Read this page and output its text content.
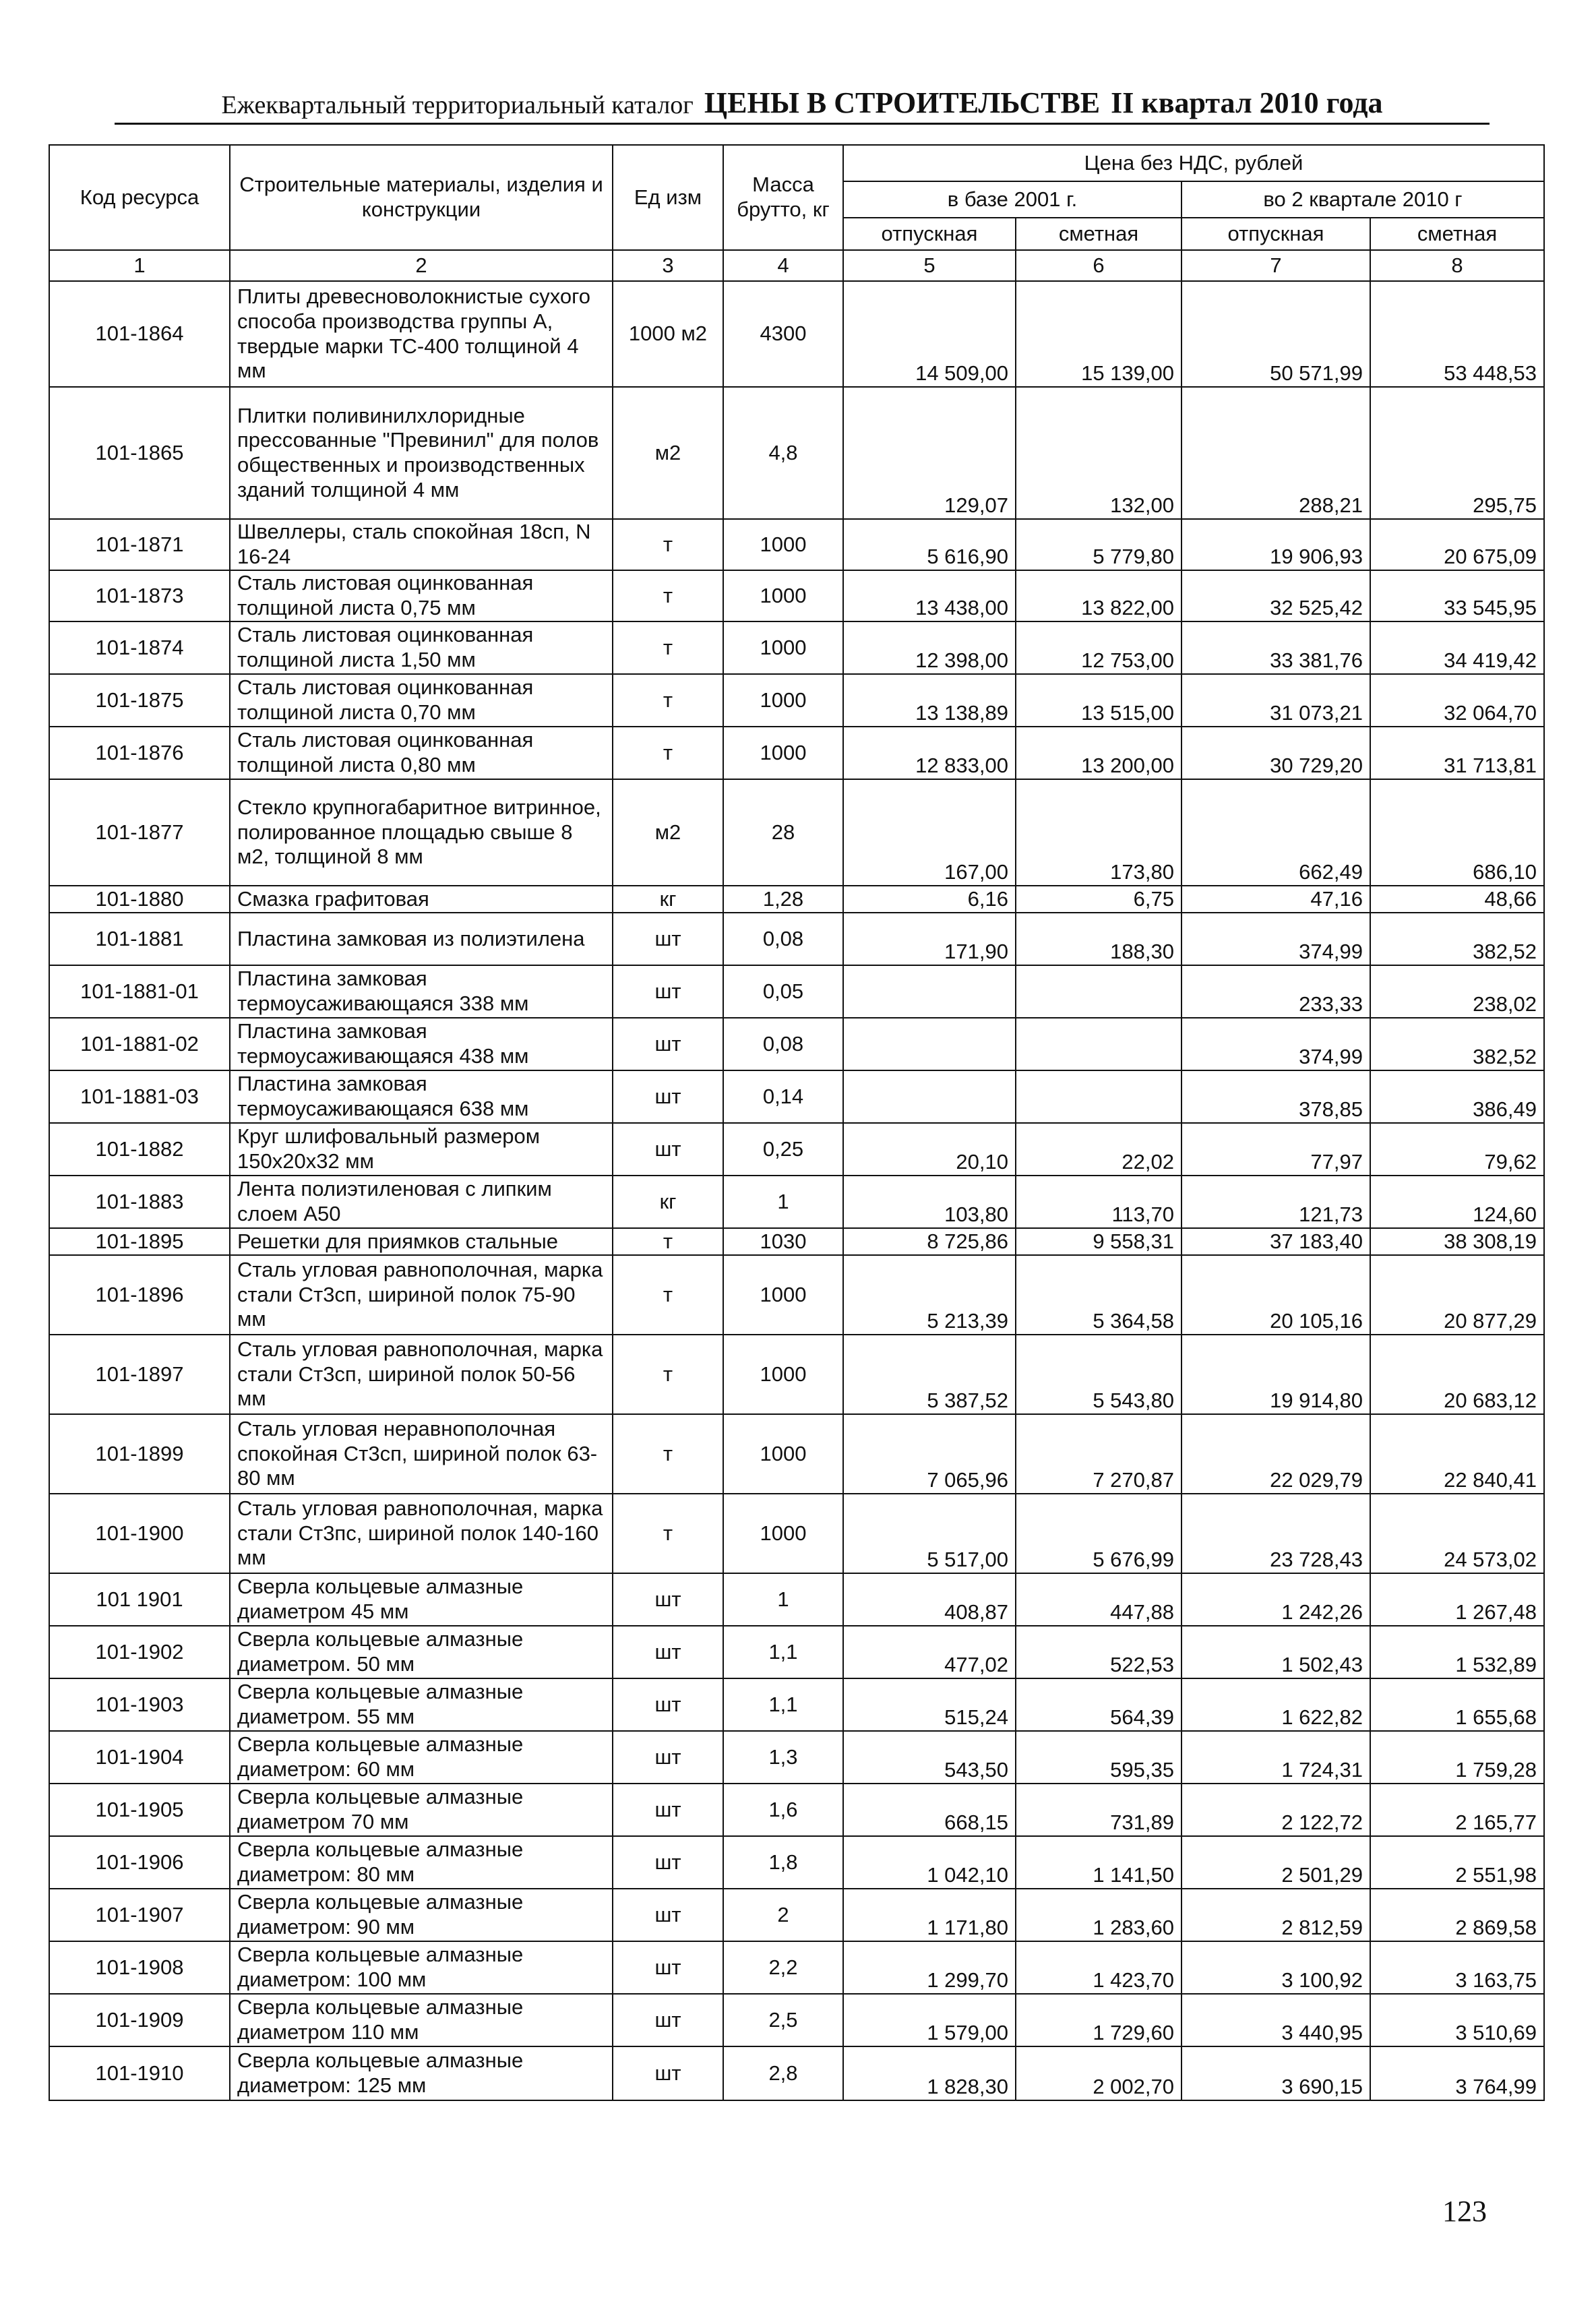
Ежеквартальный территориальный каталог ЦЕНЫ В СТРОИТЕЛЬСТВЕ II квартал 2010 года
Код ресурса	Строительные материалы, изделия и конструкции	Ед изм	Масса брутто, кг	Цена без НДС, рублей			
				в базе 2001 г.		во 2 квартале 2010 г	
				отпускная	сметная	отпускная	сметная
1	2	3	4	5	6	7	8
101-1864	Плиты древесноволокнистые сухого способа производства группы А, твердые марки ТС-400 толщиной 4 мм	1000 м2	4300	14 509,00	15 139,00	50 571,99	53 448,53
101-1865	Плитки поливинилхлоридные прессованные "Превинил" для полов общественных и производственных зданий толщиной 4 мм	м2	4,8	129,07	132,00	288,21	295,75
101-1871	Швеллеры, сталь спокойная 18сп, N 16-24	т	1000	5 616,90	5 779,80	19 906,93	20 675,09
101-1873	Сталь листовая оцинкованная толщиной листа 0,75 мм	т	1000	13 438,00	13 822,00	32 525,42	33 545,95
101-1874	Сталь листовая оцинкованная толщиной листа 1,50 мм	т	1000	12 398,00	12 753,00	33 381,76	34 419,42
101-1875	Сталь листовая оцинкованная толщиной листа 0,70 мм	т	1000	13 138,89	13 515,00	31 073,21	32 064,70
101-1876	Сталь листовая оцинкованная толщиной листа 0,80 мм	т	1000	12 833,00	13 200,00	30 729,20	31 713,81
101-1877	Стекло крупногабаритное витринное, полированное площадью свыше 8 м2, толщиной 8 мм	м2	28	167,00	173,80	662,49	686,10
101-1880	Смазка графитовая	кг	1,28	6,16	6,75	47,16	48,66
101-1881	Пластина замковая из полиэтилена	шт	0,08	171,90	188,30	374,99	382,52
101-1881-01	Пластина замковая термоусаживающаяся 338 мм	шт	0,05			233,33	238,02
101-1881-02	Пластина замковая термоусаживающаяся 438 мм	шт	0,08			374,99	382,52
101-1881-03	Пластина замковая термоусаживающаяся 638 мм	шт	0,14			378,85	386,49
101-1882	Круг шлифовальный размером 150х20х32 мм	шт	0,25	20,10	22,02	77,97	79,62
101-1883	Лента полиэтиленовая с липким слоем А50	кг	1	103,80	113,70	121,73	124,60
101-1895	Решетки для приямков стальные	т	1030	8 725,86	9 558,31	37 183,40	38 308,19
101-1896	Сталь угловая равнополочная, марка стали Ст3сп, шириной полок 75-90 мм	т	1000	5 213,39	5 364,58	20 105,16	20 877,29
101-1897	Сталь угловая равнополочная, марка стали Ст3сп, шириной полок 50-56 мм	т	1000	5 387,52	5 543,80	19 914,80	20 683,12
101-1899	Сталь угловая неравнополочная спокойная Ст3сп, шириной полок 63-80 мм	т	1000	7 065,96	7 270,87	22 029,79	22 840,41
101-1900	Сталь угловая равнополочная, марка стали Ст3пс, шириной полок 140-160 мм	т	1000	5 517,00	5 676,99	23 728,43	24 573,02
101 1901	Сверла кольцевые алмазные диаметром 45 мм	шт	1	408,87	447,88	1 242,26	1 267,48
101-1902	Сверла кольцевые алмазные диаметром. 50 мм	шт	1,1	477,02	522,53	1 502,43	1 532,89
101-1903	Сверла кольцевые алмазные диаметром. 55 мм	шт	1,1	515,24	564,39	1 622,82	1 655,68
101-1904	Сверла кольцевые алмазные диаметром: 60 мм	шт	1,3	543,50	595,35	1 724,31	1 759,28
101-1905	Сверла кольцевые алмазные диаметром 70 мм	шт	1,6	668,15	731,89	2 122,72	2 165,77
101-1906	Сверла кольцевые алмазные диаметром: 80 мм	шт	1,8	1 042,10	1 141,50	2 501,29	2 551,98
101-1907	Сверла кольцевые алмазные диаметром: 90 мм	шт	2	1 171,80	1 283,60	2 812,59	2 869,58
101-1908	Сверла кольцевые алмазные диаметром: 100 мм	шт	2,2	1 299,70	1 423,70	3 100,92	3 163,75
101-1909	Сверла кольцевые алмазные диаметром 110 мм	шт	2,5	1 579,00	1 729,60	3 440,95	3 510,69
101-1910	Сверла кольцевые алмазные диаметром: 125 мм	шт	2,8	1 828,30	2 002,70	3 690,15	3 764,99
123
